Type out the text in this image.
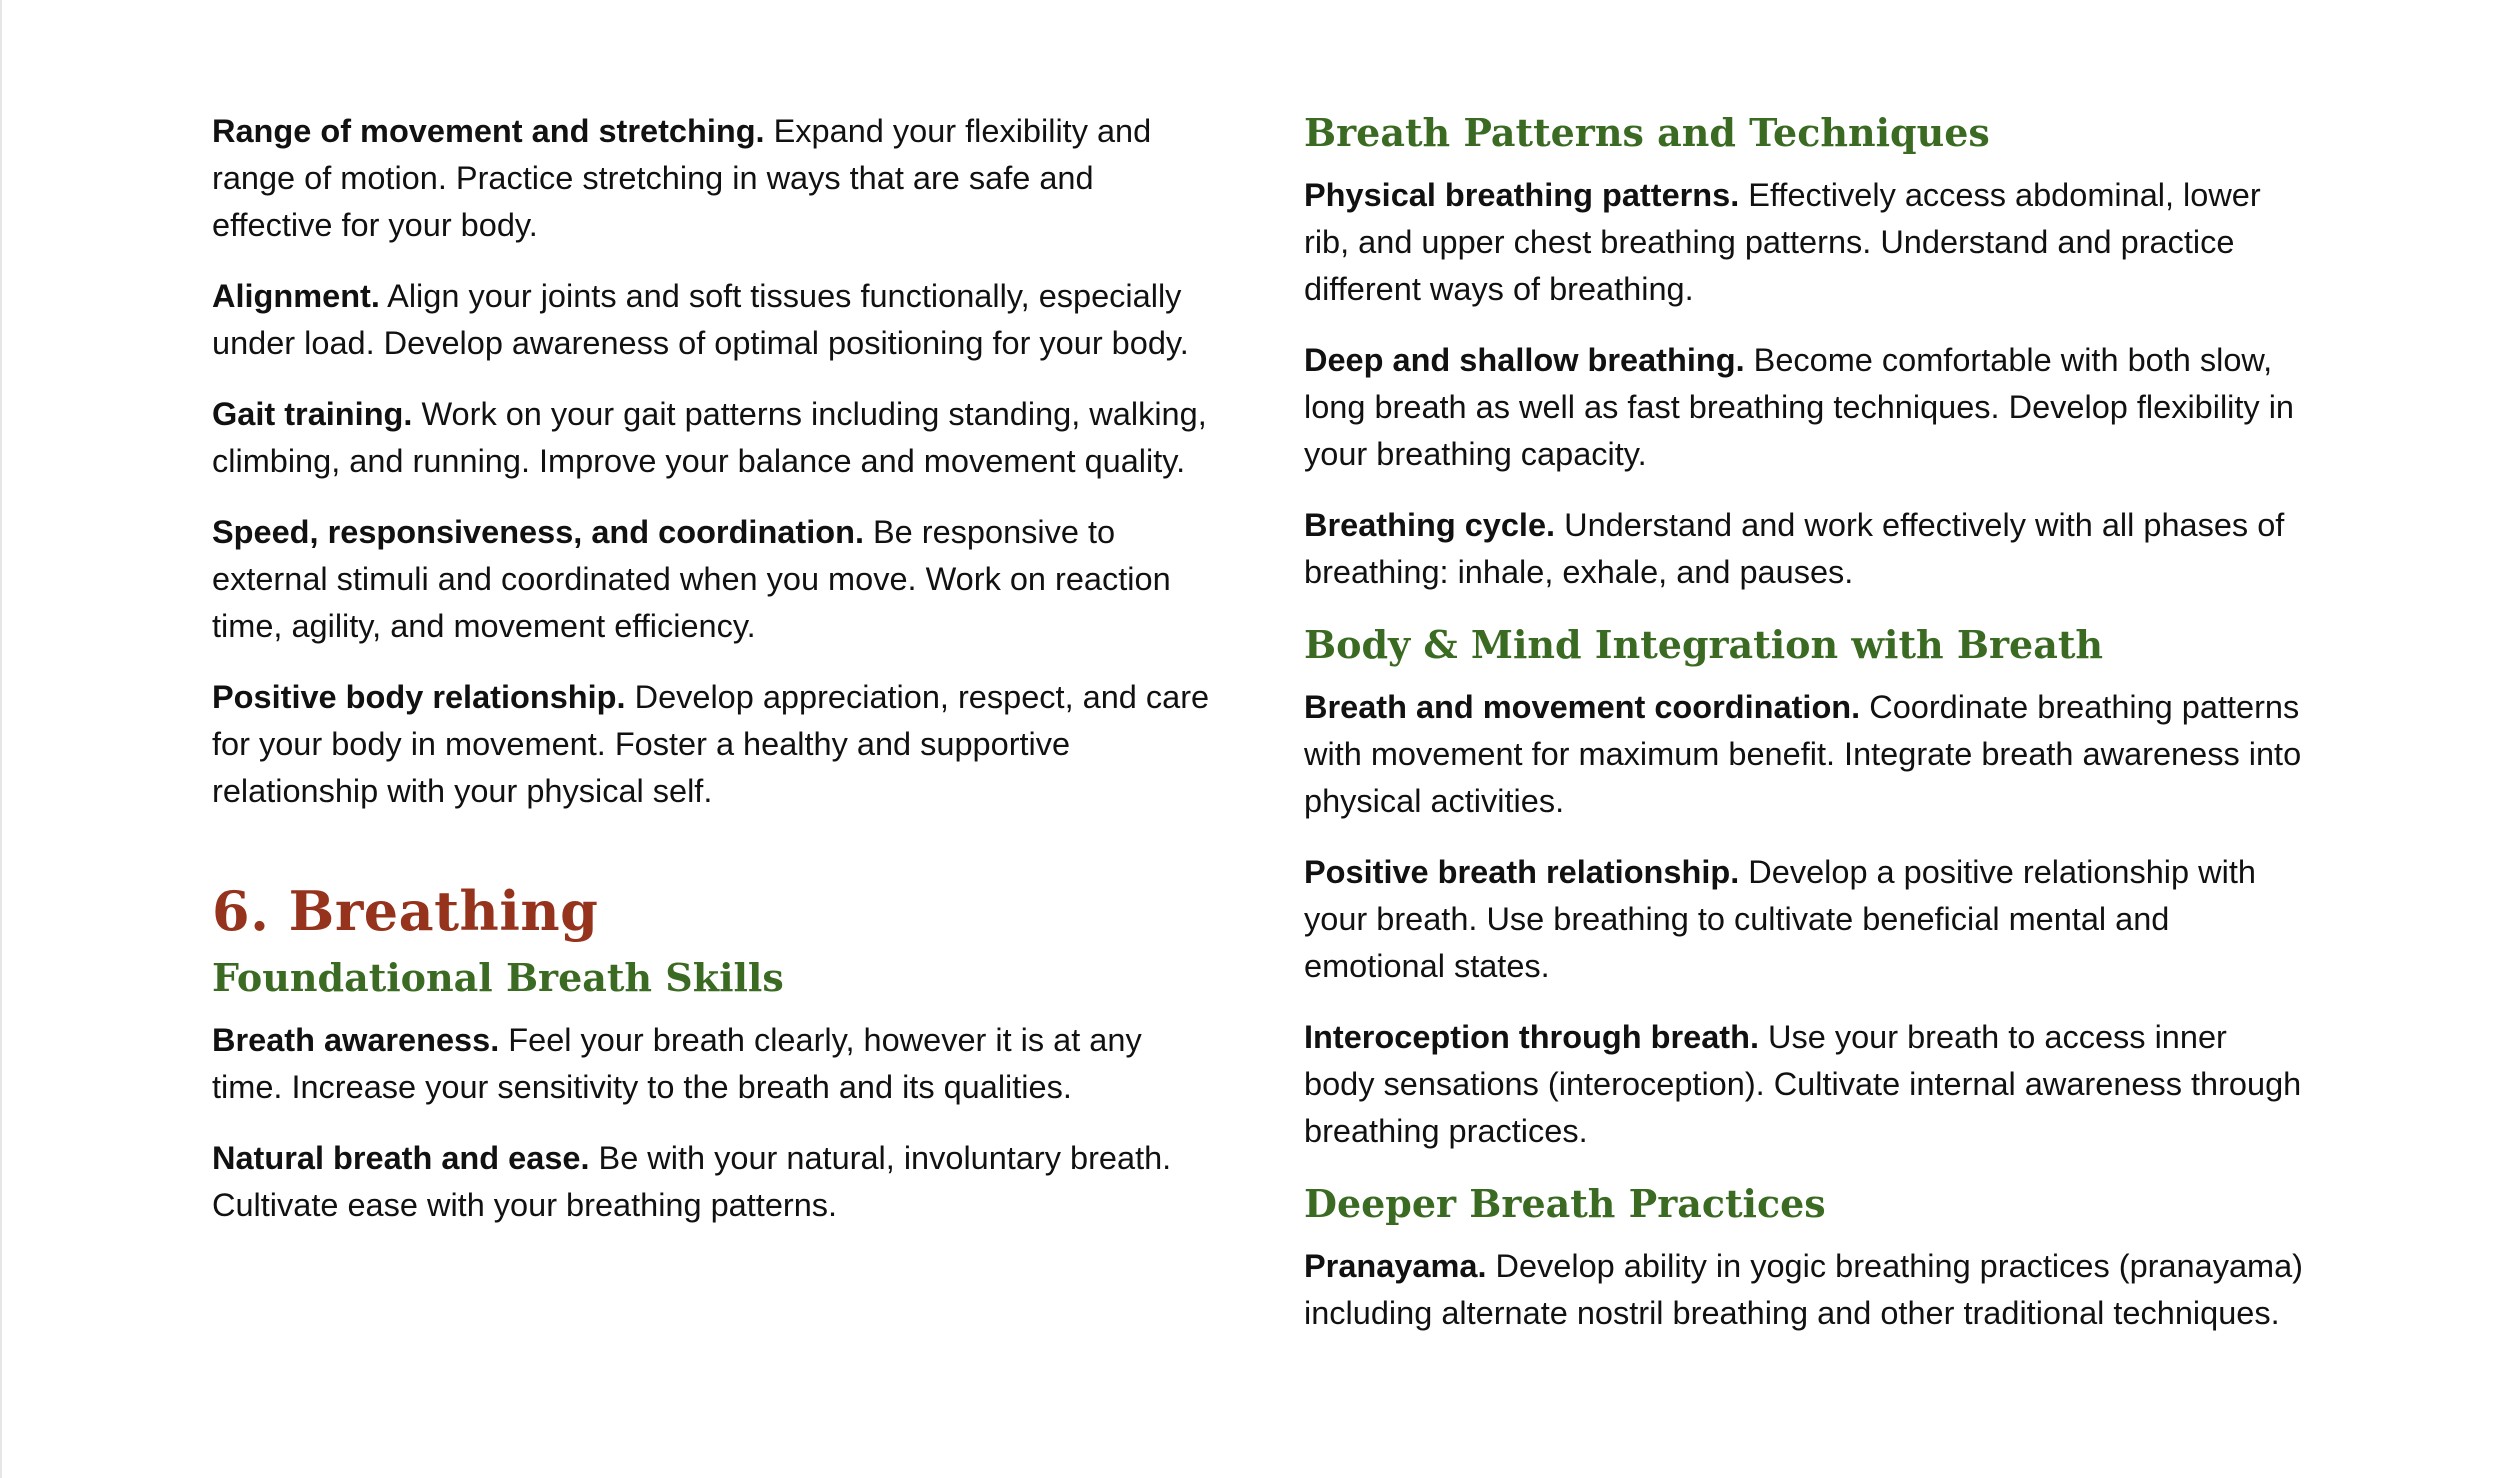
Range of movement and stretching. Expand your flexibility and range of motion. Practice stretching in ways that are safe and effective for your body.

Alignment. Align your joints and soft tissues functionally, especially under load. Develop awareness of optimal positioning for your body.

Gait training. Work on your gait patterns including standing, walking, climbing, and running. Improve your balance and movement quality.

Speed, responsiveness, and coordination. Be responsive to external stimuli and coordinated when you move. Work on reaction time, agility, and movement efficiency.

Positive body relationship. Develop appreciation, respect, and care for your body in movement. Foster a healthy and supportive relationship with your physical self.

6. Breathing
Foundational Breath Skills

Breath awareness. Feel your breath clearly, however it is at any time. Increase your sensitivity to the breath and its qualities.

Natural breath and ease. Be with your natural, involuntary breath. Cultivate ease with your breathing patterns.

Breath Patterns and Techniques

Physical breathing patterns. Effectively access abdominal, lower rib, and upper chest breathing patterns. Understand and practice different ways of breathing.

Deep and shallow breathing. Become comfortable with both slow, long breath as well as fast breathing techniques. Develop flexibility in your breathing capacity.

Breathing cycle. Understand and work effectively with all phases of breathing: inhale, exhale, and pauses.

Body & Mind Integration with Breath

Breath and movement coordination. Coordinate breathing patterns with movement for maximum benefit. Integrate breath awareness into physical activities.

Positive breath relationship. Develop a positive relationship with your breath. Use breathing to cultivate beneficial mental and emotional states.

Interoception through breath. Use your breath to access inner body sensations (interoception). Cultivate internal awareness through breathing practices.

Deeper Breath Practices

Pranayama. Develop ability in yogic breathing practices (pranayama) including alternate nostril breathing and other traditional techniques.
